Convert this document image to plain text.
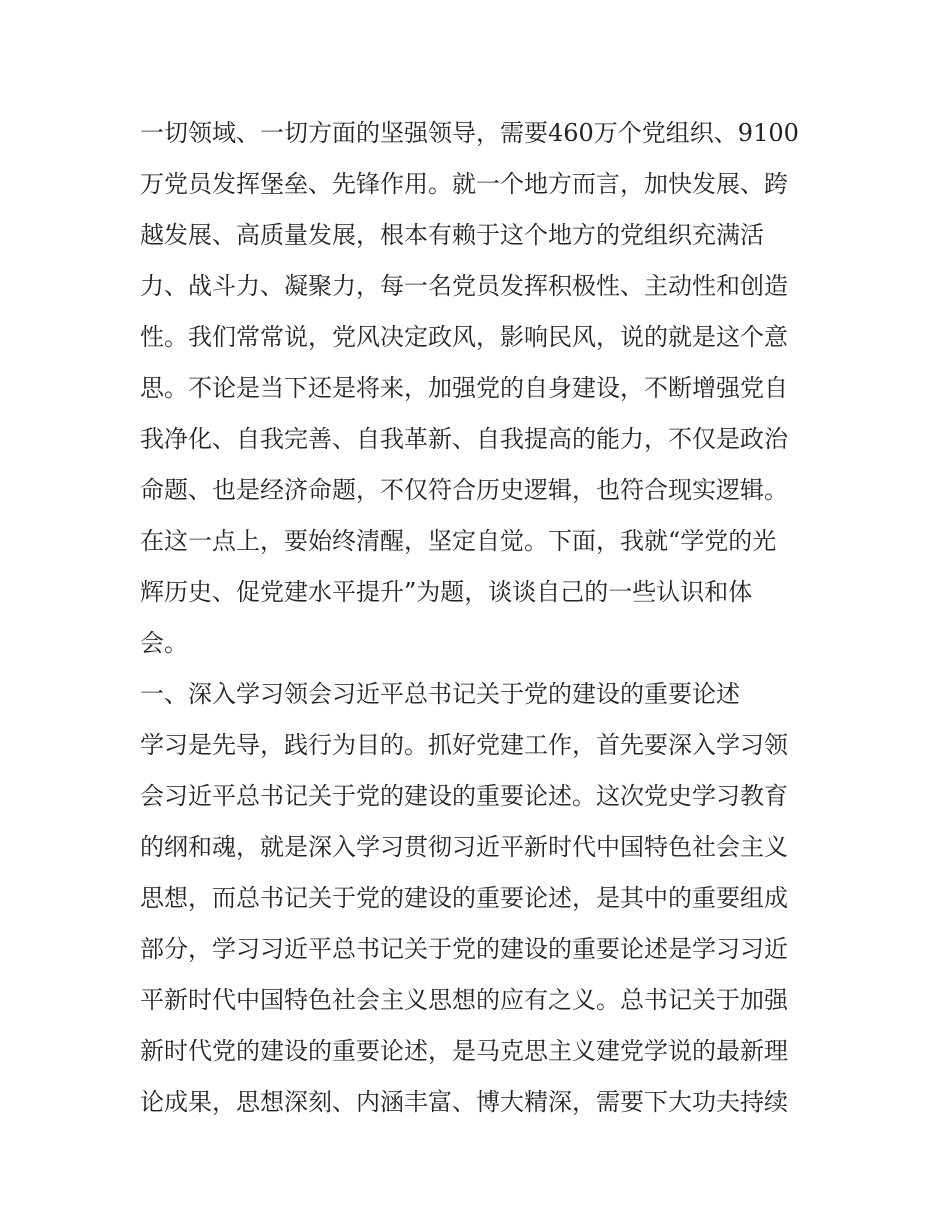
一切领域、一切方面的坚强领导，需要460万个党组织、9100
万党员发挥堡垒、先锋作用。就一个地方而言，加快发展、跨
越发展、高质量发展，根本有赖于这个地方的党组织充满活
力、战斗力、凝聚力，每一名党员发挥积极性、主动性和创造
性。我们常常说，党风决定政风，影响民风，说的就是这个意
思。不论是当下还是将来，加强党的自身建设，不断增强党自
我净化、自我完善、自我革新、自我提高的能力，不仅是政治
命题、也是经济命题，不仅符合历史逻辑，也符合现实逻辑。
在这一点上，要始终清醒，坚定自觉。下面，我就“学党的光
辉历史、促党建水平提升”为题，谈谈自己的一些认识和体
会。
一、深入学习领会习近平总书记关于党的建设的重要论述
学习是先导，践行为目的。抓好党建工作，首先要深入学习领
会习近平总书记关于党的建设的重要论述。这次党史学习教育
的纲和魂，就是深入学习贯彻习近平新时代中国特色社会主义
思想，而总书记关于党的建设的重要论述，是其中的重要组成
部分，学习习近平总书记关于党的建设的重要论述是学习习近
平新时代中国特色社会主义思想的应有之义。总书记关于加强
新时代党的建设的重要论述，是马克思主义建党学说的最新理
论成果，思想深刻、内涵丰富、博大精深，需要下大功夫持续
